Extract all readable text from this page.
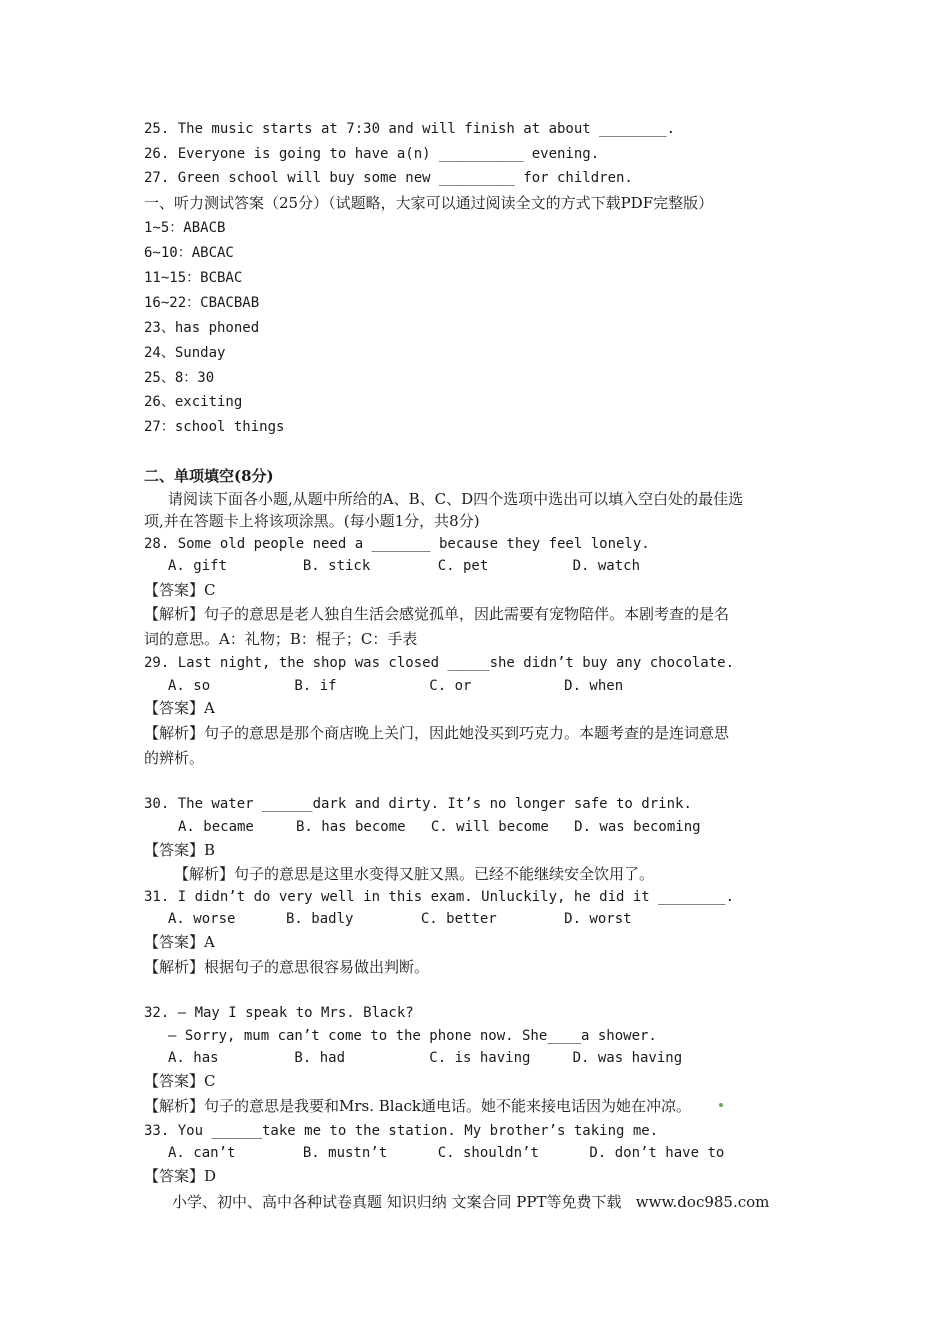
25. The music starts at 7:30 and will finish at about ________.
26. Everyone is going to have a(n) __________ evening.
27. Green school will buy some new _________ for children.
一、听力测试答案（25分）（试题略，大家可以通过阅读全文的方式下载PDF完整版）
1~5：ABACB
6~10：ABCAC
11~15：BCBAC
16~22：CBACBAB
23、has phoned
24、Sunday
25、8：30
26、exciting
27：school things
二、单项填空(8分)
请阅读下面各小题,从题中所给的A、B、C、D四个选项中选出可以填入空白处的最佳选
项,并在答题卡上将该项涂黑。(每小题1分，共8分)
28. Some old people need a _______ because they feel lonely.
A. gift         B. stick        C. pet          D. watch
【答案】C
【解析】句子的意思是老人独自生活会感觉孤单，因此需要有宠物陪伴。本剧考查的是名
词的意思。A：礼物；B：棍子；C：手表
29. Last night, the shop was closed _____she didn’t buy any chocolate.
A. so          B. if           C. or           D. when
【答案】A
【解析】句子的意思是那个商店晚上关门，因此她没买到巧克力。本题考查的是连词意思
的辨析。
30. The water ______dark and dirty. It’s no longer safe to drink.
A. became     B. has become   C. will become   D. was becoming
【答案】B
【解析】句子的意思是这里水变得又脏又黑。已经不能继续安全饮用了。
31. I didn’t do very well in this exam. Unluckily, he did it ________.
A. worse      B. badly        C. better        D. worst
【答案】A
【解析】根据句子的意思很容易做出判断。
32. — May I speak to Mrs. Black?
— Sorry, mum can’t come to the phone now. She____a shower.
A. has         B. had          C. is having     D. was having
【答案】C
【解析】句子的意思是我要和Mrs. Black通电话。她不能来接电话因为她在冲凉。
33. You ______take me to the station. My brother’s taking me.
A. can’t        B. mustn’t      C. shouldn’t      D. don’t have to
【答案】D
小学、初中、高中各种试卷真题 知识归纳 文案合同 PPT等免费下载   www.doc985.com
